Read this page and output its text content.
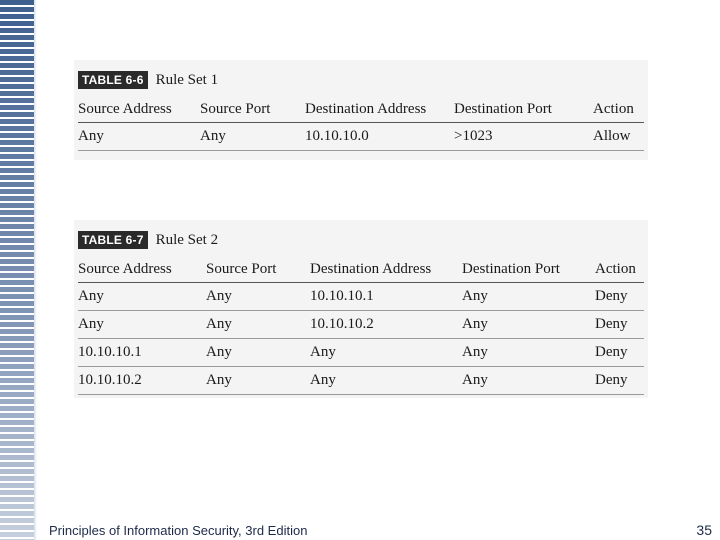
TABLE 6-6 Rule Set 1
Source Address	Source Port	Destination Address	Destination Port	Action
Any	Any	10.10.10.0	>1023	Allow
TABLE 6-7 Rule Set 2
Source Address	Source Port	Destination Address	Destination Port	Action
Any	Any	10.10.10.1	Any	Deny
Any	Any	10.10.10.2	Any	Deny
10.10.10.1	Any	Any	Any	Deny
10.10.10.2	Any	Any	Any	Deny
Principles of Information Security, 3rd Edition	35
